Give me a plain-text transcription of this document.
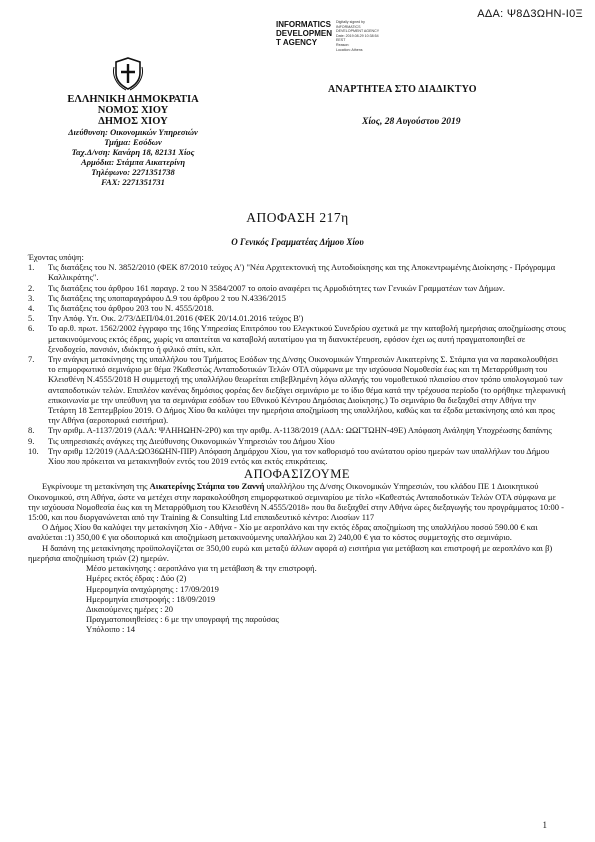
ΑΔΑ: Ψ8Δ3ΩΗΝ-Ι0Ξ
INFORMATICS
DEVELOPMEN
T AGENCY
Digitally signed by
INFORMATICS
DEVELOPMENT AGENCY
Date: 2019.08.29 10:38:54
EEST
Reason:
Location: Athens
ΕΛΛΗΝΙΚΗ ΔΗΜΟΚΡΑΤΙΑ
ΝΟΜΟΣ ΧΙΟΥ
ΔΗΜΟΣ ΧΙΟΥ
Διεύθυνση: Οικονομικών Υπηρεσιών
Τμήμα: Εσόδων
Ταχ.Δ/νση: Κανάρη 18, 82131 Χίος
Αρμόδια: Στάμπα Αικατερίνη
Τηλέφωνο: 2271351738
FAX: 2271351731
ΑΝΑΡΤΗΤΕΑ ΣΤΟ ΔΙΑΔΙΚΤΥΟ
Χίος, 28 Αυγούστου 2019
ΑΠΟΦΑΣΗ 217η
Ο Γενικός Γραμματέας Δήμου Χίου

Έχοντας υπόψη:

1.	Τις διατάξεις του Ν. 3852/2010 (ΦΕΚ 87/2010 τεύχος Α') "Νέα Αρχιτεκτονική της Αυτοδιοίκησης και της Αποκεντρωμένης Διοίκησης - Πρόγραμμα Καλλικράτης".
2.	Τις διατάξεις του άρθρου 161 παραγρ. 2 του Ν 3584/2007 το οποίο αναφέρει τις Αρμοδιότητες των Γενικών Γραμματέων των Δήμων.
3.	Τις διατάξεις της υποπαραγράφου Δ.9 του άρθρου 2 του Ν.4336/2015
4.	Τις διατάξεις του άρθρου 203 του Ν. 4555/2018.
5.	Την Απόφ. Υπ. Οικ. 2/73/ΔΕΠ/04.01.2016 (ΦΕΚ 20/14.01.2016 τεύχος Β')
6.	Το αρ.θ. πρωτ. 1562/2002 έγγραφο της 16ης Υπηρεσίας Επιτρόπου του Ελεγκτικού Συνεδρίου σχετικά με την καταβολή ημερήσιας αποζημίωσης στους μετακινούμενους εκτός έδρας, χωρίς να απαιτείται να καταβολή αυτατίμου για τη διανυκτέρευση, εφόσον έχει ως αυτή πραγματοποιηθεί σε ξενοδοχείο, πανσιόν, ιδιόκτητο ή φιλικό σπίτι, κλπ.
7.	Την ανάγκη μετακίνησης της υπαλλήλου του Τμήματος Εσόδων της Δ/νσης Οικονομικών Υπηρεσιών Αικατερίνης Σ. Στάμπα για να παρακολουθήσει το επιμορφωτικό σεμινάριο με θέμα ?Καθεστώς Ανταποδοτικών Τελών ΟΤΑ σύμφωνα με την ισχύουσα Νομοθεσία έως και τη Μεταρρύθμιση του Κλεισθένη Ν.4555/2018 Η συμμετοχή της υπαλλήλου θεωρείται επιβεβλημένη λόγω αλλαγής του νομοθετικού πλαισίου στον τρόπο υπολογισμού των ανταποδοτικών τελών. Επιπλέον κανένας δημόσιος φορέας δεν διεξάγει σεμινάριο με το ίδιο θέμα κατά την τρέχουσα περίοδο (το ορήθηκε τηλεφωνική επικοινωνία με την υπεύθυνη για τα σεμινάρια εσόδων του Εθνικού Κέντρου Δημόσιας Διοίκησης.) Το σεμινάριο θα διεξαχθεί στην Αθήνα την Τετάρτη 18 Σεπτεμβρίου 2019. Ο Δήμος Χίου θα καλύψει την ημερήσια αποζημίωση της υπαλλήλου, καθώς και τα έξοδα μετακίνησης από και προς την Αθήνα (αεροπορικά εισιτήρια).
8.	Την αριθμ. Α-1137/2019 (ΑΔΑ: ΨΑΗΗΩΗΝ-2Ρ0) και την αριθμ. Α-1138/2019 (ΑΔΑ: ΩΩΓΤΩΗΝ-49Ε) Απόφαση Ανάληψη Υποχρέωσης δαπάνης
9.	Τις υπηρεσιακές ανάγκες της Διεύθυνσης Οικονομικών Υπηρεσιών του Δήμου Χίου
10.	Την αριθμ 12/2019 (ΑΔΑ:ΩΟ36ΩΗΝ-ΠΙΡ) Απόφαση Δημάρχου Χίου, για τον καθορισμό του ανώτατου ορίου ημερών των υπαλλήλων του Δήμου Χίου που πρόκειται να μετακινηθούν εντός του 2019 εντός και εκτός επικράτειας.
ΑΠΟΦΑΣΙΖΟΥΜΕ

Εγκρίνουμε τη μετακίνηση της Αικατερίνης Στάμπα του Ζαννή υπαλλήλου της Δ/νσης Οικονομικών Υπηρεσιών, του κλάδου ΠΕ 1 Διοικητικού Οικονομικού, στη Αθήνα, ώστε να μετέχει στην παρακολούθηση επιμορφωτικού σεμιναρίου με τίτλο «Καθεστώς Ανταποδοτικών Τελών ΟΤΑ σύμφωνα με την ισχύουσα Νομοθεσία έως και τη Μεταρρύθμιση του Κλεισθένη Ν.4555/2018» που θα διεξαχθεί στην Αθήνα ώρες διεξαγωγής του προγράμματος 10:00 - 15:00, και που διοργανώνεται από την Training & Consulting Ltd επιπαιδευτικό κέντρο: Λιοσίων 117

Ο Δήμος Χίου θα καλύψει την μετακίνηση Χίο - Αθήνα - Χίο με αεροπλάνο και την εκτός έδρας αποζημίωση της υπαλλήλου ποσού 590.00 € και αναλύεται :1) 350,00 € για οδοιπορικά και αποζημίωση μετακινούμενης υπαλλήλου και 2) 240,00 € για το κόστος συμμετοχής στο σεμινάριο.

Η δαπάνη της μετακίνησης προϋπολογίζεται σε 350,00 ευρώ και μεταξύ άλλων αφορά α) εισιτήρια για μετάβαση και επιστροφή με αεροπλάνο και β) ημερήσια αποζημίωση τριών (2) ημερών.

Μέσο μετακίνησης : αεροπλάνο για τη μετάβαση & την επιστροφή.
Ημέρες εκτός έδρας : Δύο (2)
Ημερομηνία αναχώρησης : 17/09/2019
Ημερομηνία επιστροφής : 18/09/2019
Δικαιούμενες ημέρες : 20
Πραγματοποιηθείσες : 6 με την υπογραφή της παρούσας
Υπόλοιπο : 14
1
